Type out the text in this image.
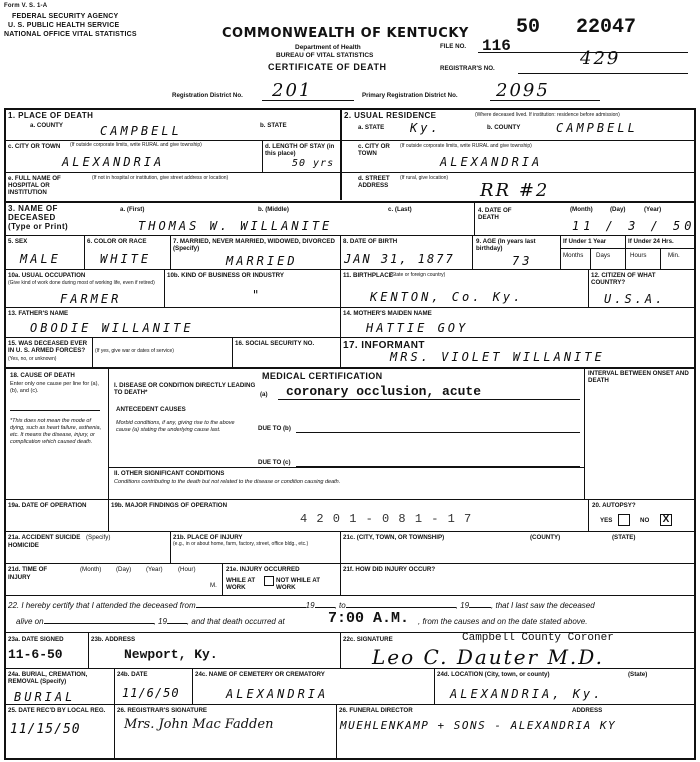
Form V. S. 1-A
FEDERAL SECURITY AGENCY
U. S. PUBLIC HEALTH SERVICE
NATIONAL OFFICE VITAL STATISTICS	COMMONWEALTH OF KENTUCKY
Department of Health
BUREAU OF VITAL STATISTICS
CERTIFICATE OF DEATH
50 22047
FILE NO. 116
REGISTRAR'S NO.	429
Registration District No. 201	Primary Registration District No. 2095
1. PLACE OF DEATH
a. COUNTY	CAMPBELL	b. STATE
2. USUAL RESIDENCE	(Where deceased lived. If institution: residence before admission)
a. STATE Ky.	b. COUNTY	CAMPBELL
c. CITY OR TOWN	(If outside corporate limits, write RURAL and give township)
ALEXANDRIA
d. LENGTH OF STAY (in this place)
50 yrs
c. CITY OR TOWN
(If outside corporate limits, write RURAL and give township)
ALEXANDRIA
e. FULL NAME OF HOSPITAL OR INSTITUTION
(If not in hospital or institution, give street address or location)	d. STREET ADDRESS
(If rural, give location)
RR #2
3. NAME OF DECEASED (Type or Print)
a. (First)	b. (Middle)	c. (Last)
THOMAS W. WILLANITE
4. DATE OF DEATH
(Month)	(Day)	(Year)
11 / 3 / 50
5. SEX
MALE
6. COLOR OR RACE
WHITE
7. MARRIED, NEVER MARRIED, WIDOWED, DIVORCED (Specify)
MARRIED
8. DATE OF BIRTH
JAN 31, 1877
9. AGE (In years last birthday)
73
If Under 1 Year	If Under 24 Hrs.
Months Days	Hours	Min.
10a. USUAL OCCUPATION
(Give kind of work done during most of working life, even if retired)
FARMER
10b. KIND OF BUSINESS OR INDUSTRY
"
11. BIRTHPLACE
(State or foreign country)
KENTON, Co. Ky.
12. CITIZEN OF WHAT COUNTRY?
U.S.A.
13. FATHER'S NAME
OBODIE WILLANITE
14. MOTHER'S MAIDEN NAME
HATTIE GOY
15. WAS DECEASED EVER IN U. S. ARMED FORCES?
(Yes, no, or unknown)
(If yes, give war or dates of service)
16. SOCIAL SECURITY NO.	17. INFORMANT
MRS. VIOLET WILLANITE
18. CAUSE OF DEATH
Enter only one cause per line for (a), (b), and (c).
*This does not mean the mode of dying, such as heart failure, asthenia, etc. It means the disease, injury, or complication which caused death.
MEDICAL CERTIFICATION	INTERVAL BETWEEN ONSET AND DEATH
I. DISEASE OR CONDITION DIRECTLY LEADING TO DEATH*	(a) coronary occlusion, acute
ANTECEDENT CAUSES
Morbid conditions, if any, giving rise to the above cause (a) stating the underlying cause last.	DUE TO (b)
DUE TO (c)
II. OTHER SIGNIFICANT CONDITIONS
Conditions contributing to the death but not related to the disease or condition causing death.
19a. DATE OF OPERATION	19b. MAJOR FINDINGS OF OPERATION
4 2 0 1 - 0 8 1 - 1 7
20. AUTOPSY?
YES	NO X
21a. ACCIDENT SUICIDE HOMICIDE
(Specify)	21b. PLACE OF INJURY
(e.g., in or about home, farm, factory, street, office bldg., etc.)
21c. (CITY, TOWN, OR TOWNSHIP)	(COUNTY)	(STATE)
21d. TIME OF INJURY
(Month) (Day) (Year) (Hour)
M.
21e. INJURY OCCURRED
WHILE AT WORK
NOT WHILE AT WORK
21f. HOW DID INJURY OCCUR?
22. I hereby certify that I attended the deceased from	19	, to	, 19	, that I last saw the deceased
alive on	, 19	, and that death occurred at	7:00 A.M. , from the causes and on the date stated above.
23a. DATE SIGNED
11-6-50
23b. ADDRESS
Newport, Ky.
22c. SIGNATURE	Campbell County Coroner
Leo C. Dauter M.D.
24a. BURIAL, CREMATION, REMOVAL (Specify)
BURIAL
24b. DATE
11/6/50
24c. NAME OF CEMETERY OR CREMATORY
ALEXANDRIA
24d. LOCATION (City, town, or county)	(State)
ALEXANDRIA, Ky.
25. DATE REC'D BY LOCAL REG.
11/15/50
26. REGISTRAR'S SIGNATURE
Mrs. John Mac Fadden
26. FUNERAL DIRECTOR	ADDRESS
MUEHLENKAMP + SONS - ALEXANDRIA KY
